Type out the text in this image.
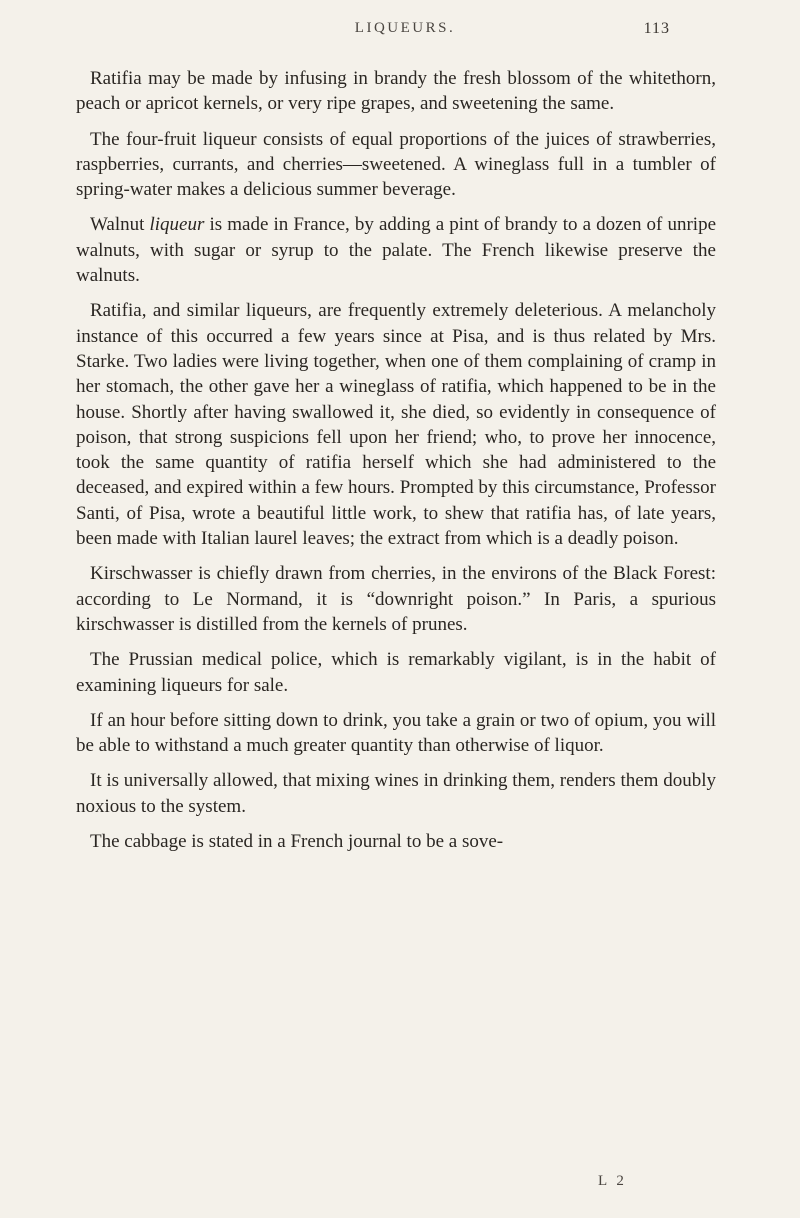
LIQUEURS.	113

Ratifia may be made by infusing in brandy the fresh blossom of the whitethorn, peach or apricot kernels, or very ripe grapes, and sweetening the same.

The four-fruit liqueur consists of equal proportions of the juices of strawberries, raspberries, currants, and cherries—sweetened. A wineglass full in a tumbler of spring-water makes a delicious summer beverage.

Walnut liqueur is made in France, by adding a pint of brandy to a dozen of unripe walnuts, with sugar or syrup to the palate. The French likewise preserve the walnuts.

Ratifia, and similar liqueurs, are frequently extremely deleterious. A melancholy instance of this occurred a few years since at Pisa, and is thus related by Mrs. Starke. Two ladies were living together, when one of them complaining of cramp in her stomach, the other gave her a wineglass of ratifia, which happened to be in the house. Shortly after having swallowed it, she died, so evidently in consequence of poison, that strong suspicions fell upon her friend; who, to prove her innocence, took the same quantity of ratifia herself which she had administered to the deceased, and expired within a few hours. Prompted by this circumstance, Professor Santi, of Pisa, wrote a beautiful little work, to shew that ratifia has, of late years, been made with Italian laurel leaves; the extract from which is a deadly poison.

Kirschwasser is chiefly drawn from cherries, in the environs of the Black Forest: according to Le Normand, it is “downright poison.” In Paris, a spurious kirschwasser is distilled from the kernels of prunes.

The Prussian medical police, which is remarkably vigilant, is in the habit of examining liqueurs for sale.

If an hour before sitting down to drink, you take a grain or two of opium, you will be able to withstand a much greater quantity than otherwise of liquor.

It is universally allowed, that mixing wines in drinking them, renders them doubly noxious to the system.

The cabbage is stated in a French journal to be a sove-

L 2
